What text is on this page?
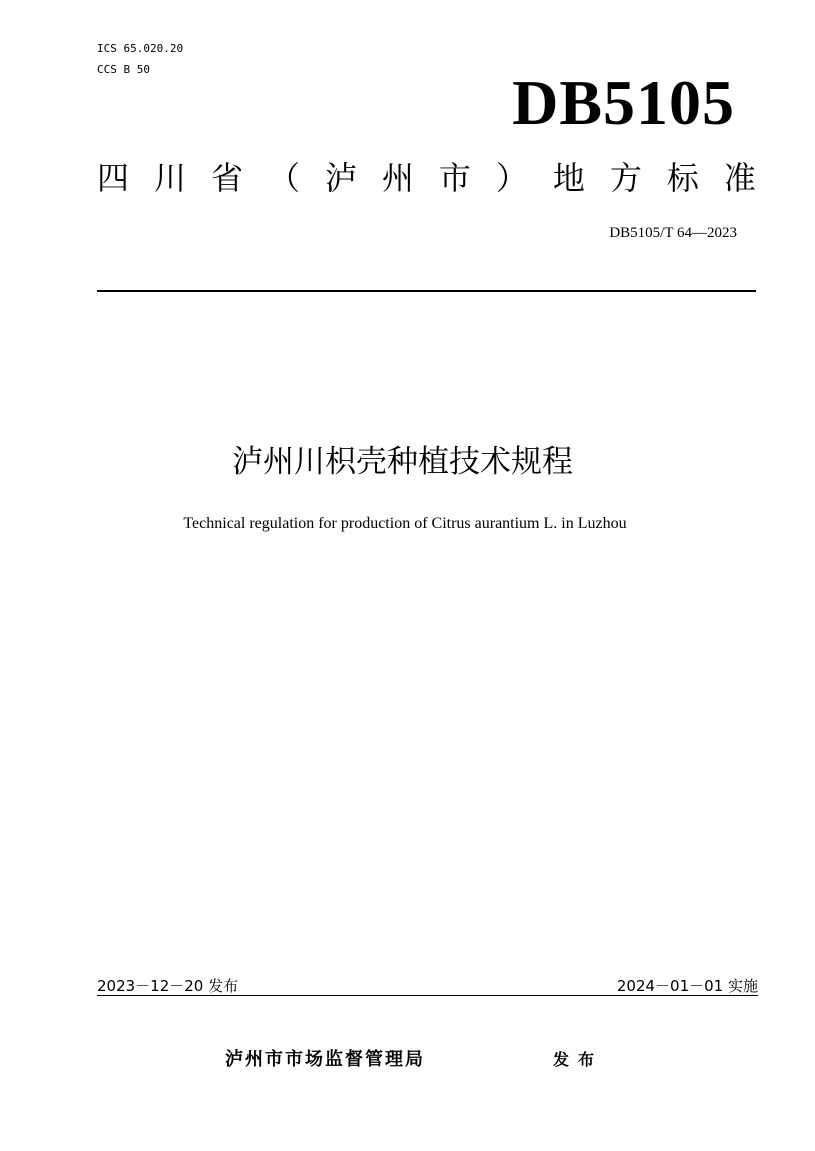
ICS 65.020.20
CCS B 50	DB5105
四 川 省 （ 泸 州 市 ） 地 方 标 准
DB5105/T 64—2023
泸州川枳壳种植技术规程
Technical regulation for production of Citrus aurantium L. in Luzhou
2023－12－20 发布	2024－01－01 实施
泸州市市场监督管理局	发布
